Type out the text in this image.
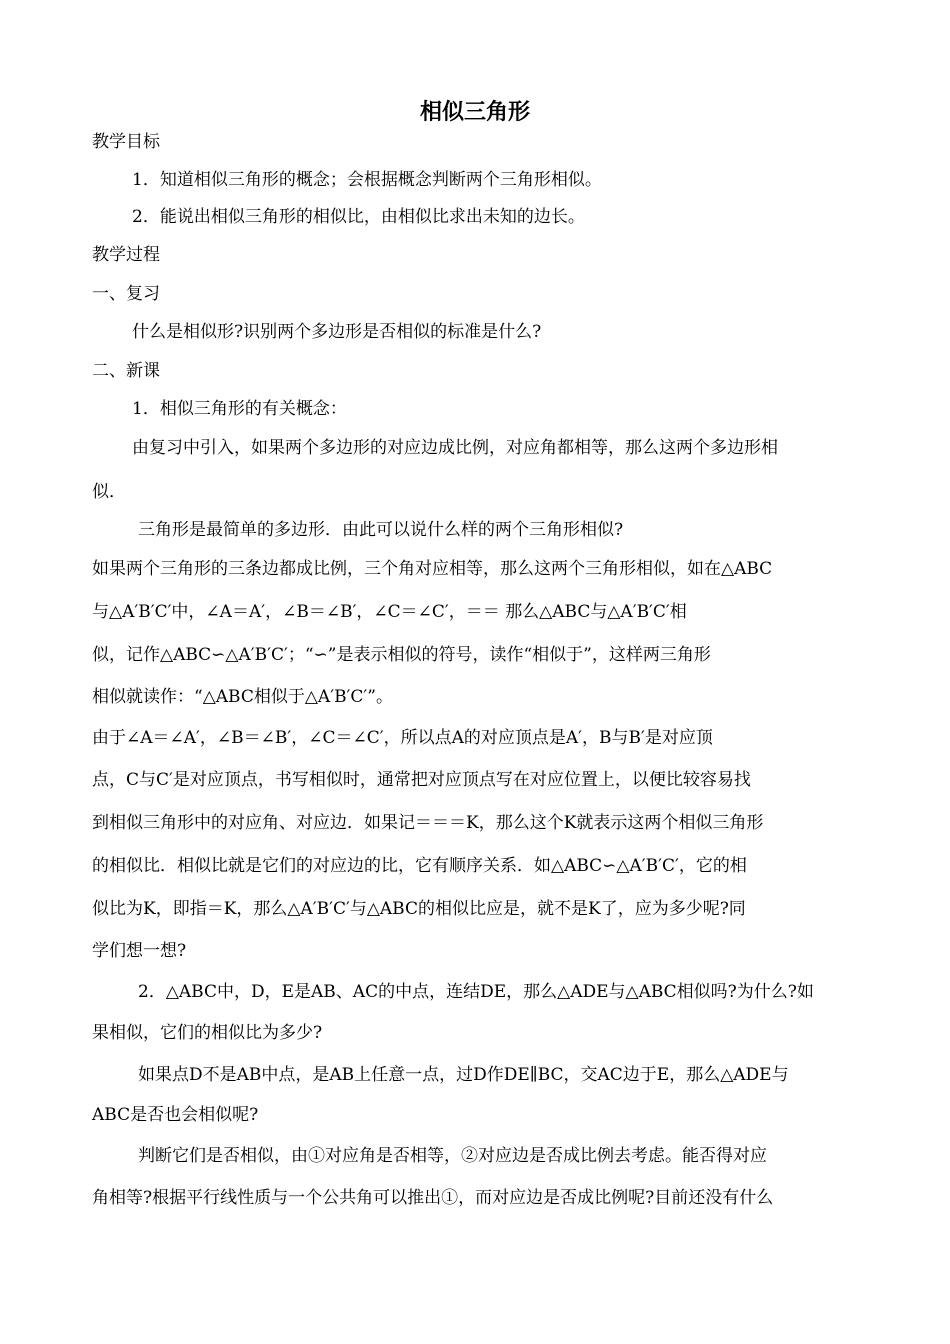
相似三角形
教学目标
1．知道相似三角形的概念；会根据概念判断两个三角形相似。
2．能说出相似三角形的相似比，由相似比求出未知的边长。
教学过程
一、复习
什么是相似形?识别两个多边形是否相似的标准是什么?
二、新课
1．相似三角形的有关概念：
由复习中引入，如果两个多边形的对应边成比例，对应角都相等，那么这两个多边形相
似．
三角形是最简单的多边形．由此可以说什么样的两个三角形相似?
如果两个三角形的三条边都成比例，三个角对应相等，那么这两个三角形相似，如在△ABC
与△A′B′C′中，∠A＝A′，∠B＝∠B′，∠C＝∠C′，＝＝ 那么△ABC与△A′B′C′相
似，记作△ABC∽△A′B′C′；“∽”是表示相似的符号，读作“相似于”，这样两三角形
相似就读作：“△ABC相似于△A′B′C′”。
由于∠A＝∠A′，∠B＝∠B′，∠C＝∠C′，所以点A的对应顶点是A′，B与B′是对应顶
点，C与C′是对应顶点，书写相似时，通常把对应顶点写在对应位置上，以便比较容易找
到相似三角形中的对应角、对应边．如果记＝＝＝K，那么这个K就表示这两个相似三角形
的相似比．相似比就是它们的对应边的比，它有顺序关系．如△ABC∽△A′B′C′，它的相
似比为K，即指＝K，那么△A′B′C′与△ABC的相似比应是，就不是K了，应为多少呢?同
学们想一想?
2．△ABC中，D，E是AB、AC的中点，连结DE，那么△ADE与△ABC相似吗?为什么?如
果相似，它们的相似比为多少?
如果点D不是AB中点，是AB上任意一点，过D作DE∥BC，交AC边于E，那么△ADE与
ABC是否也会相似呢?
判断它们是否相似，由①对应角是否相等，②对应边是否成比例去考虑。能否得对应
角相等?根据平行线性质与一个公共角可以推出①，而对应边是否成比例呢?目前还没有什么
